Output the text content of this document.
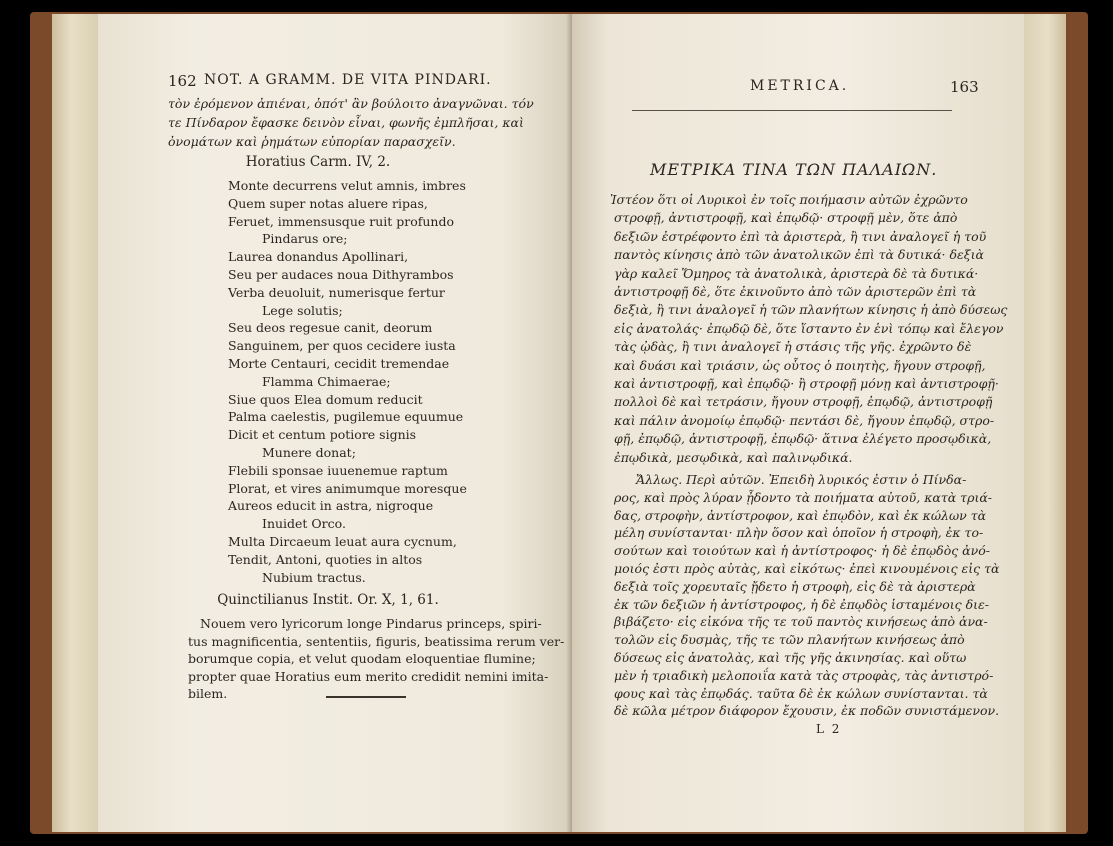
162 NOT. A GRAMM. DE VITA PINDARI.
τὸν ἐρόμενον ἀπιέναι, ὁπότ' ἂν βούλοιτο ἀναγνῶναι. τόν
τε Πίνδαρον ἔφασκε δεινὸν εἶναι, φωνῆς ἐμπλῆσαι, καὶ
ὀνομάτων καὶ ῥημάτων εὐπορίαν παρασχεῖν.
Horatius Carm. IV, 2.
Monte decurrens velut amnis, imbres
Quem super notas aluere ripas,
Feruet, immensusque ruit profundo
Pindarus ore;
Laurea donandus Apollinari,
Seu per audaces noua Dithyrambos
Verba deuoluit, numerisque fertur
Lege solutis;
Seu deos regesue canit, deorum
Sanguinem, per quos cecidere iusta
Morte Centauri, cecidit tremendae
Flamma Chimaerae;
Siue quos Elea domum reducit
Palma caelestis, pugilemue equumue
Dicit et centum potiore signis
Munere donat;
Flebili sponsae iuuenemue raptum
Plorat, et vires animumque moresque
Aureos educit in astra, nigroque
Inuidet Orco.
Multa Dircaeum leuat aura cycnum,
Tendit, Antoni, quoties in altos
Nubium tractus.
Quinctilianus Instit. Or. X, 1, 61.
Nouem vero lyricorum longe Pindarus princeps, spiri-
tus magnificentia, sententiis, figuris, beatissima rerum ver-
borumque copia, et velut quodam eloquentiae flumine;
propter quae Horatius eum merito credidit nemini imita-
bilem.
METRICA.	163
ΜΕΤΡΙΚΑ ΤΙΝΑ ΤΩΝ ΠΑΛΑΙΩΝ.
Ἰστέον ὅτι οἱ Λυρικοὶ ἐν τοῖς ποιήμασιν αὐτῶν ἐχρῶντο
στροφῇ, ἀντιστροφῇ, καὶ ἐπῳδῷ· στροφῇ μὲν, ὅτε ἀπὸ
δεξιῶν ἐστρέφοντο ἐπὶ τὰ ἀριστερὰ, ἢ τινι ἀναλογεῖ ἡ τοῦ
παντὸς κίνησις ἀπὸ τῶν ἀνατολικῶν ἐπὶ τὰ δυτικά· δεξιὰ
γὰρ καλεῖ Ὅμηρος τὰ ἀνατολικὰ, ἀριστερὰ δὲ τὰ δυτικά·
ἀντιστροφῇ δὲ, ὅτε ἐκινοῦντο ἀπὸ τῶν ἀριστερῶν ἐπὶ τὰ
δεξιὰ, ἢ τινι ἀναλογεῖ ἡ τῶν πλανήτων κίνησις ἡ ἀπὸ δύσεως
εἰς ἀνατολάς· ἐπῳδῷ δὲ, ὅτε ἵσταντο ἐν ἑνὶ τόπῳ καὶ ἔλεγον
τὰς ᾠδὰς, ἢ τινι ἀναλογεῖ ἡ στάσις τῆς γῆς. ἐχρῶντο δὲ
καὶ δυάσι καὶ τριάσιν, ὡς οὗτος ὁ ποιητὴς, ἤγουν στροφῇ,
καὶ ἀντιστροφῇ, καὶ ἐπῳδῷ· ἢ στροφῇ μόνῃ καὶ ἀντιστροφῇ·
πολλοὶ δὲ καὶ τετράσιν, ἤγουν στροφῇ, ἐπῳδῷ, ἀντιστροφῇ
καὶ πάλιν ἀνομοίῳ ἐπῳδῷ· πεντάσι δὲ, ἤγουν ἐπῳδῷ, στρο-
φῇ, ἐπῳδῷ, ἀντιστροφῇ, ἐπῳδῷ· ἅτινα ἐλέγετο προσῳδικὰ,
ἐπῳδικὰ, μεσῳδικὰ, καὶ παλινῳδικά.
Ἄλλως. Περὶ αὐτῶν. Ἐπειδὴ λυρικός ἐστιν ὁ Πίνδα-
ρος, καὶ πρὸς λύραν ᾖδοντο τὰ ποιήματα αὐτοῦ, κατὰ τριά-
δας, στροφὴν, ἀντίστροφον, καὶ ἐπῳδὸν, καὶ ἐκ κώλων τὰ
μέλη συνίστανται· πλὴν ὅσον καὶ ὁποῖον ἡ στροφὴ, ἐκ το-
σούτων καὶ τοιούτων καὶ ἡ ἀντίστροφος· ἡ δὲ ἐπῳδὸς ἀνό-
μοιός ἐστι πρὸς αὐτὰς, καὶ εἰκότως· ἐπεὶ κινουμένοις εἰς τὰ
δεξιὰ τοῖς χορευταῖς ᾔδετο ἡ στροφὴ, εἰς δὲ τὰ ἀριστερὰ
ἐκ τῶν δεξιῶν ἡ ἀντίστροφος, ἡ δὲ ἐπῳδὸς ἱσταμένοις διε-
βιβάζετο· εἰς εἰκόνα τῆς τε τοῦ παντὸς κινήσεως ἀπὸ ἀνα-
τολῶν εἰς δυσμὰς, τῆς τε τῶν πλανήτων κινήσεως ἀπὸ
δύσεως εἰς ἀνατολὰς, καὶ τῆς γῆς ἀκινησίας. καὶ οὕτω
μὲν ἡ τριαδικὴ μελοποιΐα κατὰ τὰς στροφὰς, τὰς ἀντιστρό-
φους καὶ τὰς ἐπῳδάς. ταῦτα δὲ ἐκ κώλων συνίστανται. τὰ
δὲ κῶλα μέτρον διάφορον ἔχουσιν, ἐκ ποδῶν συνιστάμενον.
L 2
